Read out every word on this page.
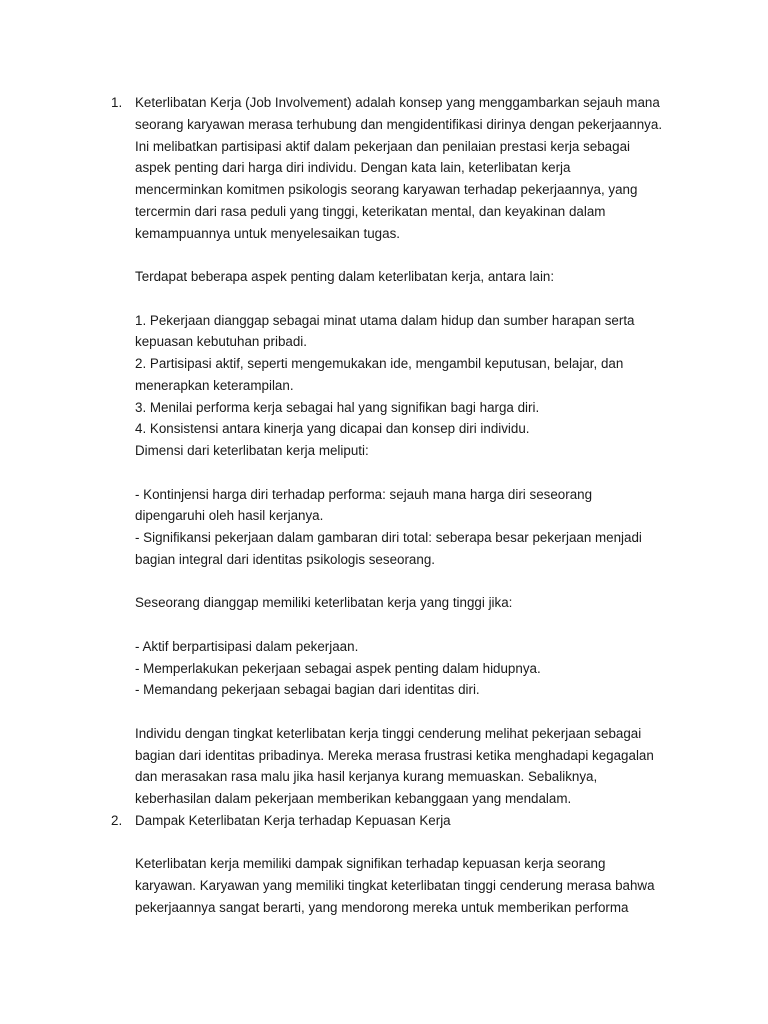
1. Keterlibatan Kerja (Job Involvement) adalah konsep yang menggambarkan sejauh mana
seorang karyawan merasa terhubung dan mengidentifikasi dirinya dengan pekerjaannya.
Ini melibatkan partisipasi aktif dalam pekerjaan dan penilaian prestasi kerja sebagai
aspek penting dari harga diri individu. Dengan kata lain, keterlibatan kerja
mencerminkan komitmen psikologis seorang karyawan terhadap pekerjaannya, yang
tercermin dari rasa peduli yang tinggi, keterikatan mental, dan keyakinan dalam
kemampuannya untuk menyelesaikan tugas.
Terdapat beberapa aspek penting dalam keterlibatan kerja, antara lain:
1. Pekerjaan dianggap sebagai minat utama dalam hidup dan sumber harapan serta
kepuasan kebutuhan pribadi.
2. Partisipasi aktif, seperti mengemukakan ide, mengambil keputusan, belajar, dan
menerapkan keterampilan.
3. Menilai performa kerja sebagai hal yang signifikan bagi harga diri.
4. Konsistensi antara kinerja yang dicapai dan konsep diri individu.
Dimensi dari keterlibatan kerja meliputi:
- Kontinjensi harga diri terhadap performa: sejauh mana harga diri seseorang
dipengaruhi oleh hasil kerjanya.
- Signifikansi pekerjaan dalam gambaran diri total: seberapa besar pekerjaan menjadi
bagian integral dari identitas psikologis seseorang.
Seseorang dianggap memiliki keterlibatan kerja yang tinggi jika:
- Aktif berpartisipasi dalam pekerjaan.
- Memperlakukan pekerjaan sebagai aspek penting dalam hidupnya.
- Memandang pekerjaan sebagai bagian dari identitas diri.
Individu dengan tingkat keterlibatan kerja tinggi cenderung melihat pekerjaan sebagai
bagian dari identitas pribadinya. Mereka merasa frustrasi ketika menghadapi kegagalan
dan merasakan rasa malu jika hasil kerjanya kurang memuaskan. Sebaliknya,
keberhasilan dalam pekerjaan memberikan kebanggaan yang mendalam.
2. Dampak Keterlibatan Kerja terhadap Kepuasan Kerja
Keterlibatan kerja memiliki dampak signifikan terhadap kepuasan kerja seorang
karyawan. Karyawan yang memiliki tingkat keterlibatan tinggi cenderung merasa bahwa
pekerjaannya sangat berarti, yang mendorong mereka untuk memberikan performa
